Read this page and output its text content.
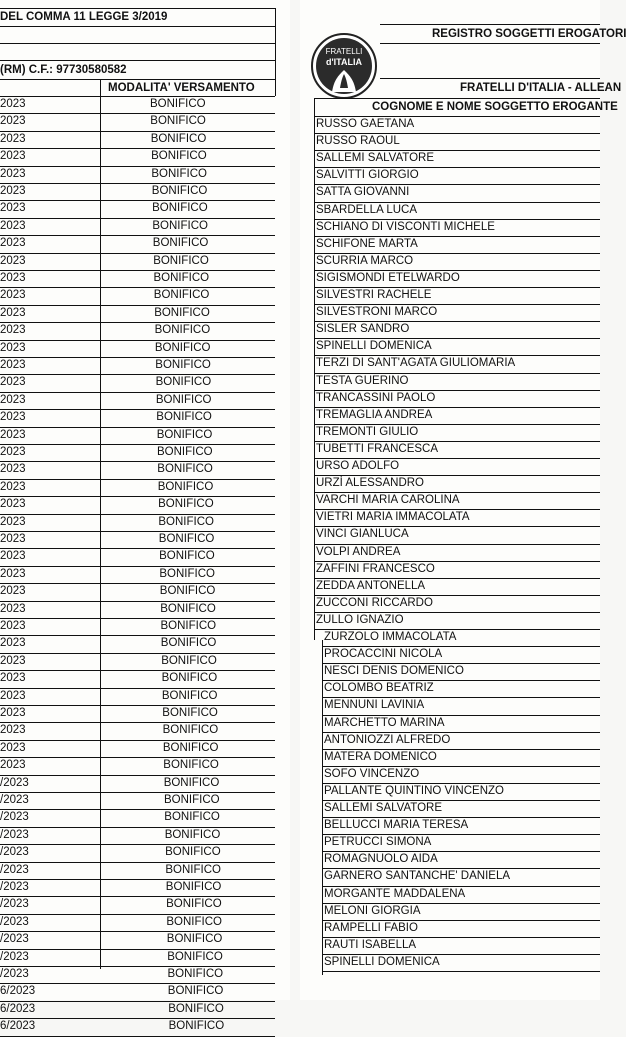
DEL COMMA 11 LEGGE 3/2019
(RM) C.F.: 97730580582
MODALITA' VERSAMENTO
2023	BONIFICO
2023	BONIFICO
2023	BONIFICO
2023	BONIFICO
2023	BONIFICO
2023	BONIFICO
2023	BONIFICO
2023	BONIFICO
2023	BONIFICO
2023	BONIFICO
2023	BONIFICO
2023	BONIFICO
2023	BONIFICO
2023	BONIFICO
2023	BONIFICO
2023	BONIFICO
2023	BONIFICO
2023	BONIFICO
2023	BONIFICO
2023	BONIFICO
2023	BONIFICO
2023	BONIFICO
2023	BONIFICO
2023	BONIFICO
2023	BONIFICO
2023	BONIFICO
2023	BONIFICO
2023	BONIFICO
2023	BONIFICO
2023	BONIFICO
2023	BONIFICO
2023	BONIFICO
2023	BONIFICO
2023	BONIFICO
2023	BONIFICO
2023	BONIFICO
2023	BONIFICO
2023	BONIFICO
2023	BONIFICO
/2023	BONIFICO
/2023	BONIFICO
/2023	BONIFICO
/2023	BONIFICO
/2023	BONIFICO
/2023	BONIFICO
/2023	BONIFICO
/2023	BONIFICO
/2023	BONIFICO
/2023	BONIFICO
/2023	BONIFICO
/2023	BONIFICO
6/2023	BONIFICO
6/2023	BONIFICO
6/2023	BONIFICO
FRATELLI
d'ITALIA
REGISTRO SOGGETTI EROGATORI
FRATELLI D'ITALIA - ALLEAN
COGNOME E NOME SOGGETTO EROGANTE
RUSSO GAETANA
RUSSO RAOUL
SALLEMI SALVATORE
SALVITTI GIORGIO
SATTA GIOVANNI
SBARDELLA LUCA
SCHIANO DI VISCONTI MICHELE
SCHIFONE MARTA
SCURRIA MARCO
SIGISMONDI ETELWARDO
SILVESTRI RACHELE
SILVESTRONI MARCO
SISLER SANDRO
SPINELLI DOMENICA
TERZI DI SANT'AGATA GIULIOMARIA
TESTA GUERINO
TRANCASSINI PAOLO
TREMAGLIA ANDREA
TREMONTI GIULIO
TUBETTI FRANCESCA
URSO ADOLFO
URZÌ ALESSANDRO
VARCHI MARIA CAROLINA
VIETRI MARIA IMMACOLATA
VINCI GIANLUCA
VOLPI ANDREA
ZAFFINI FRANCESCO
ZEDDA ANTONELLA
ZUCCONI RICCARDO
ZULLO IGNAZIO
ZURZOLO IMMACOLATA
PROCACCINI NICOLA
NESCI DENIS DOMENICO
COLOMBO BEATRIZ
MENNUNI LAVINIA
MARCHETTO MARINA
ANTONIOZZI ALFREDO
MATERA DOMENICO
SOFO VINCENZO
PALLANTE QUINTINO VINCENZO
SALLEMI SALVATORE
BELLUCCI MARIA TERESA
PETRUCCI SIMONA
ROMAGNUOLO AIDA
GARNERO SANTANCHE' DANIELA
MORGANTE MADDALENA
MELONI GIORGIA
RAMPELLI FABIO
RAUTI ISABELLA
SPINELLI DOMENICA
